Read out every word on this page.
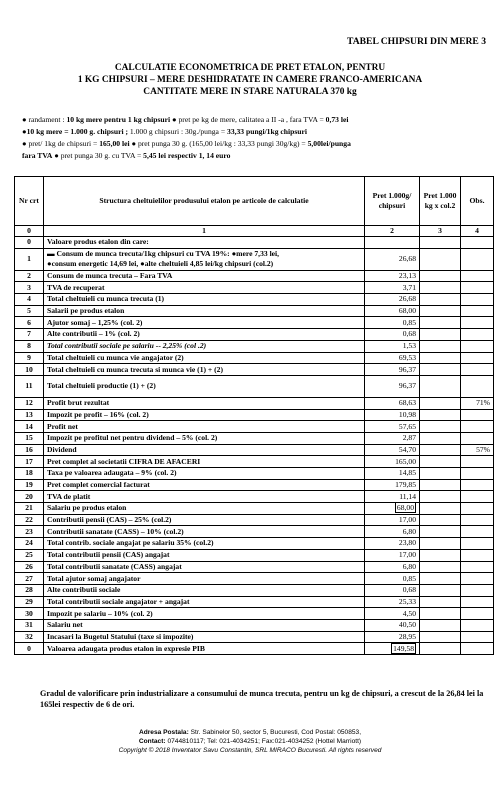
TABEL CHIPSURI DIN MERE 3
CALCULATIE ECONOMETRICA DE PRET ETALON, PENTRU
1 KG CHIPSURI – MERE DESHIDRATATE IN CAMERE FRANCO-AMERICANA
CANTITATE MERE IN STARE NATURALA 370 kg
● randament : 10 kg mere pentru 1 kg chipsuri ● pret pe kg de mere, calitatea a II -a , fara TVA = 0,73 lei
●10 kg mere = 1.000 g. chipsuri ; 1.000 g chipsuri : 30g./punga = 33,33 pungi/1kg chipsuri
● pret/ 1kg de chipsuri = 165,00 lei ● pret punga 30 g. (165,00 lei/kg : 33,33 pungi 30g/kg) = 5,00lei/punga
fara TVA ● pret punga 30 g. cu TVA = 5,45 lei respectiv 1, 14 euro
Nr crt	Structura cheltuielilor produsului etalon pe articole de calculatie	Pret 1.000g/ chipsuri	Pret 1.000 kg x col.2	Obs.
0	1	2	3	4
0	Valoare produs etalon din care:			
1	▬ Consum de munca trecuta/1kg chipsuri cu TVA 19%: ●mere 7,33 lei,
●consum energetic 14,69 lei, ●alte cheltuieli 4,85 lei/kg chipsuri (col.2)	26,68		
2	Consum de munca trecuta – Fara TVA	23,13		
3	TVA de recuperat	3,71		
4	Total cheltuieli cu munca trecuta (1)	26,68		
5	Salarii pe produs etalon	68,00		
6	Ajutor somaj – 1,25% (col. 2)	0,85		
7	Alte contributii – 1% (col. 2)	0,68		
8	Total contributii sociale pe salariu -- 2,25% (col .2)	1,53		
9	Total cheltuieli cu munca vie angajator (2)	69,53		
10	Total cheltuieli cu munca trecuta si munca vie (1) + (2)	96,37		
11	Total cheltuieli productie (1) + (2)	96,37		
12	Profit brut rezultat	68,63		71%
13	Impozit pe profit – 16% (col. 2)	10,98		
14	Profit net	57,65		
15	Impozit pe profitul net pentru dividend – 5% (col. 2)	2,87		
16	Dividend	54,70		57%
17	Pret complet al societatii CIFRA DE AFACERI	165,00		
18	Taxa pe valoarea adaugata – 9% (col. 2)	14,85		
19	Pret complet comercial facturat	179,85		
20	TVA de platit	11,14		
21	Salariu pe produs etalon	68,00		
22	Contributii pensii (CAS) – 25% (col.2)	17,00		
23	Contributii sanatate (CASS) – 10% (col.2)	6,80		
24	Total contrib. sociale angajat pe salariu 35% (col.2)	23,80		
25	Total contributii pensii (CAS) angajat	17,00		
26	Total contributii sanatate (CASS) angajat	6,80		
27	Total ajutor somaj angajator	0,85		
28	Alte contributii sociale	0,68		
29	Total contributii sociale angajator + angajat	25,33		
30	Impozit pe salariu – 10% (col. 2)	4,50		
31	Salariu net	40,50		
32	Incasari la Bugetul Statului (taxe si impozite)	28,95		
0	Valoarea adaugata produs etalon in expresie PIB	149,58		
Gradul de valorificare prin industrializare a consumului de munca trecuta, pentru un kg de chipsuri, a crescut de la 26,84 lei la 165lei respectiv de 6 de ori.
Adresa Postala: Str. Sabinelor 50, sector 5, Bucuresti, Cod Postal: 050853,
Contact: 0744810117; Tel: 021-4034251; Fax:021-4034252 (Hottel Marriott)
Copyright © 2018 Inventator Savu Constantin, SRL MIRACO Bucuresti. All rights reserved
